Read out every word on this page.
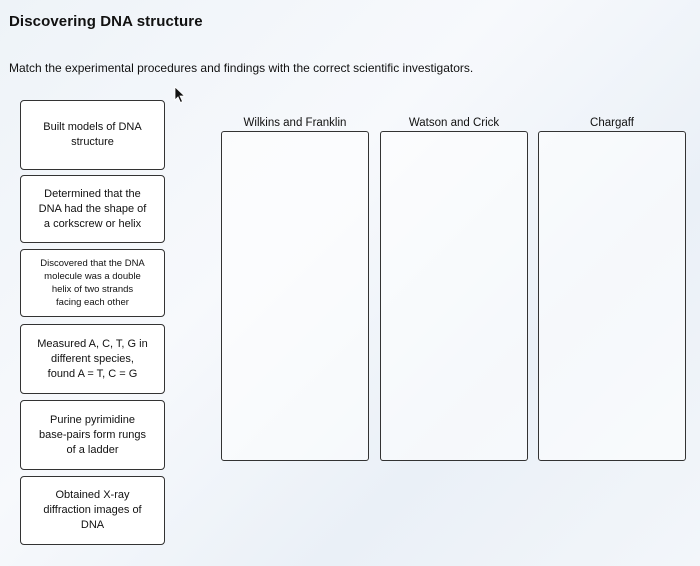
Discovering DNA structure
Match the experimental procedures and findings with the correct scientific investigators.
Built models of DNA
structure
Determined that the
DNA had the shape of
a corkscrew or helix
Discovered that the DNA
molecule was a double
helix of two strands
facing each other
Measured A, C, T, G in
different species,
found A = T, C = G
Purine pyrimidine
base-pairs form rungs
of a ladder
Obtained X-ray
diffraction images of
DNA
Wilkins and Franklin	Watson and Crick	Chargaff
